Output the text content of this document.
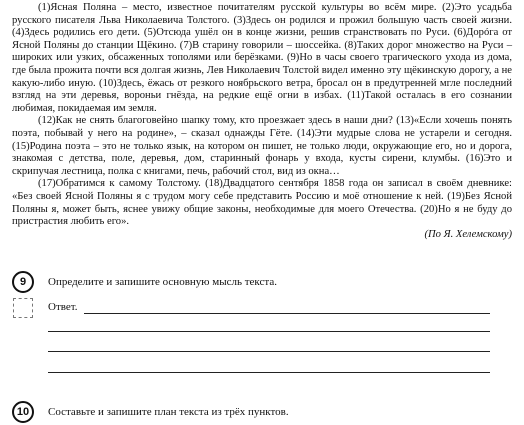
(1)Ясная Поляна – место, известное почитателям русской культуры во всём мире. (2)Это усадьба русского писателя Льва Николаевича Толстого. (3)Здесь он родился и прожил большую часть своей жизни. (4)Здесь родились его дети. (5)Отсюда ушёл он в конце жизни, решив странствовать по Руси. (6)Дорóга от Ясной Поляны до станции Щёкино. (7)В старину говорили – шоссейка. (8)Таких дорог множество на Руси – широких или узких, обсаженных тополями или берёзками. (9)Но в часы своего трагического ухода из дома, где была прожита почти вся долгая жизнь, Лев Николаевич Толстой видел именно эту щёкинскую дорогу, а не какую-либо иную. (10)Здесь, ёжась от резкого ноябрьского ветра, бросал он в предутренней мгле последний взгляд на эти деревья, вороньи гнёзда, на редкие ещё огни в избах. (11)Такой осталась в его сознании любимая, покидаемая им земля.

(12)Как не снять благоговейно шапку тому, кто проезжает здесь в наши дни? (13)«Если хочешь понять поэта, побывай у него на родине», – сказал однажды Гёте. (14)Эти мудрые слова не устарели и сегодня. (15)Родина поэта – это не только язык, на котором он пишет, не только люди, окружающие его, но и дорога, знакомая с детства, поле, деревья, дом, старинный фонарь у входа, кусты сирени, клумбы. (16)Это и скрипучая лестница, полка с книгами, печь, рабочий стол, вид из окна…

(17)Обратимся к самому Толстому. (18)Двадцатого сентября 1858 года он записал в своём дневнике: «Без своей Ясной Поляны я с трудом могу себе представить Россию и моё отношение к ней. (19)Без Ясной Поляны я, может быть, яснее увижу общие законы, необходимые для моего Отечества. (20)Но я не буду до пристрастия любить его».

(По Я. Хелемскому)
9	Определите и запишите основную мысль текста.
Ответ.
10	Составьте и запишите план текста из трёх пунктов.
